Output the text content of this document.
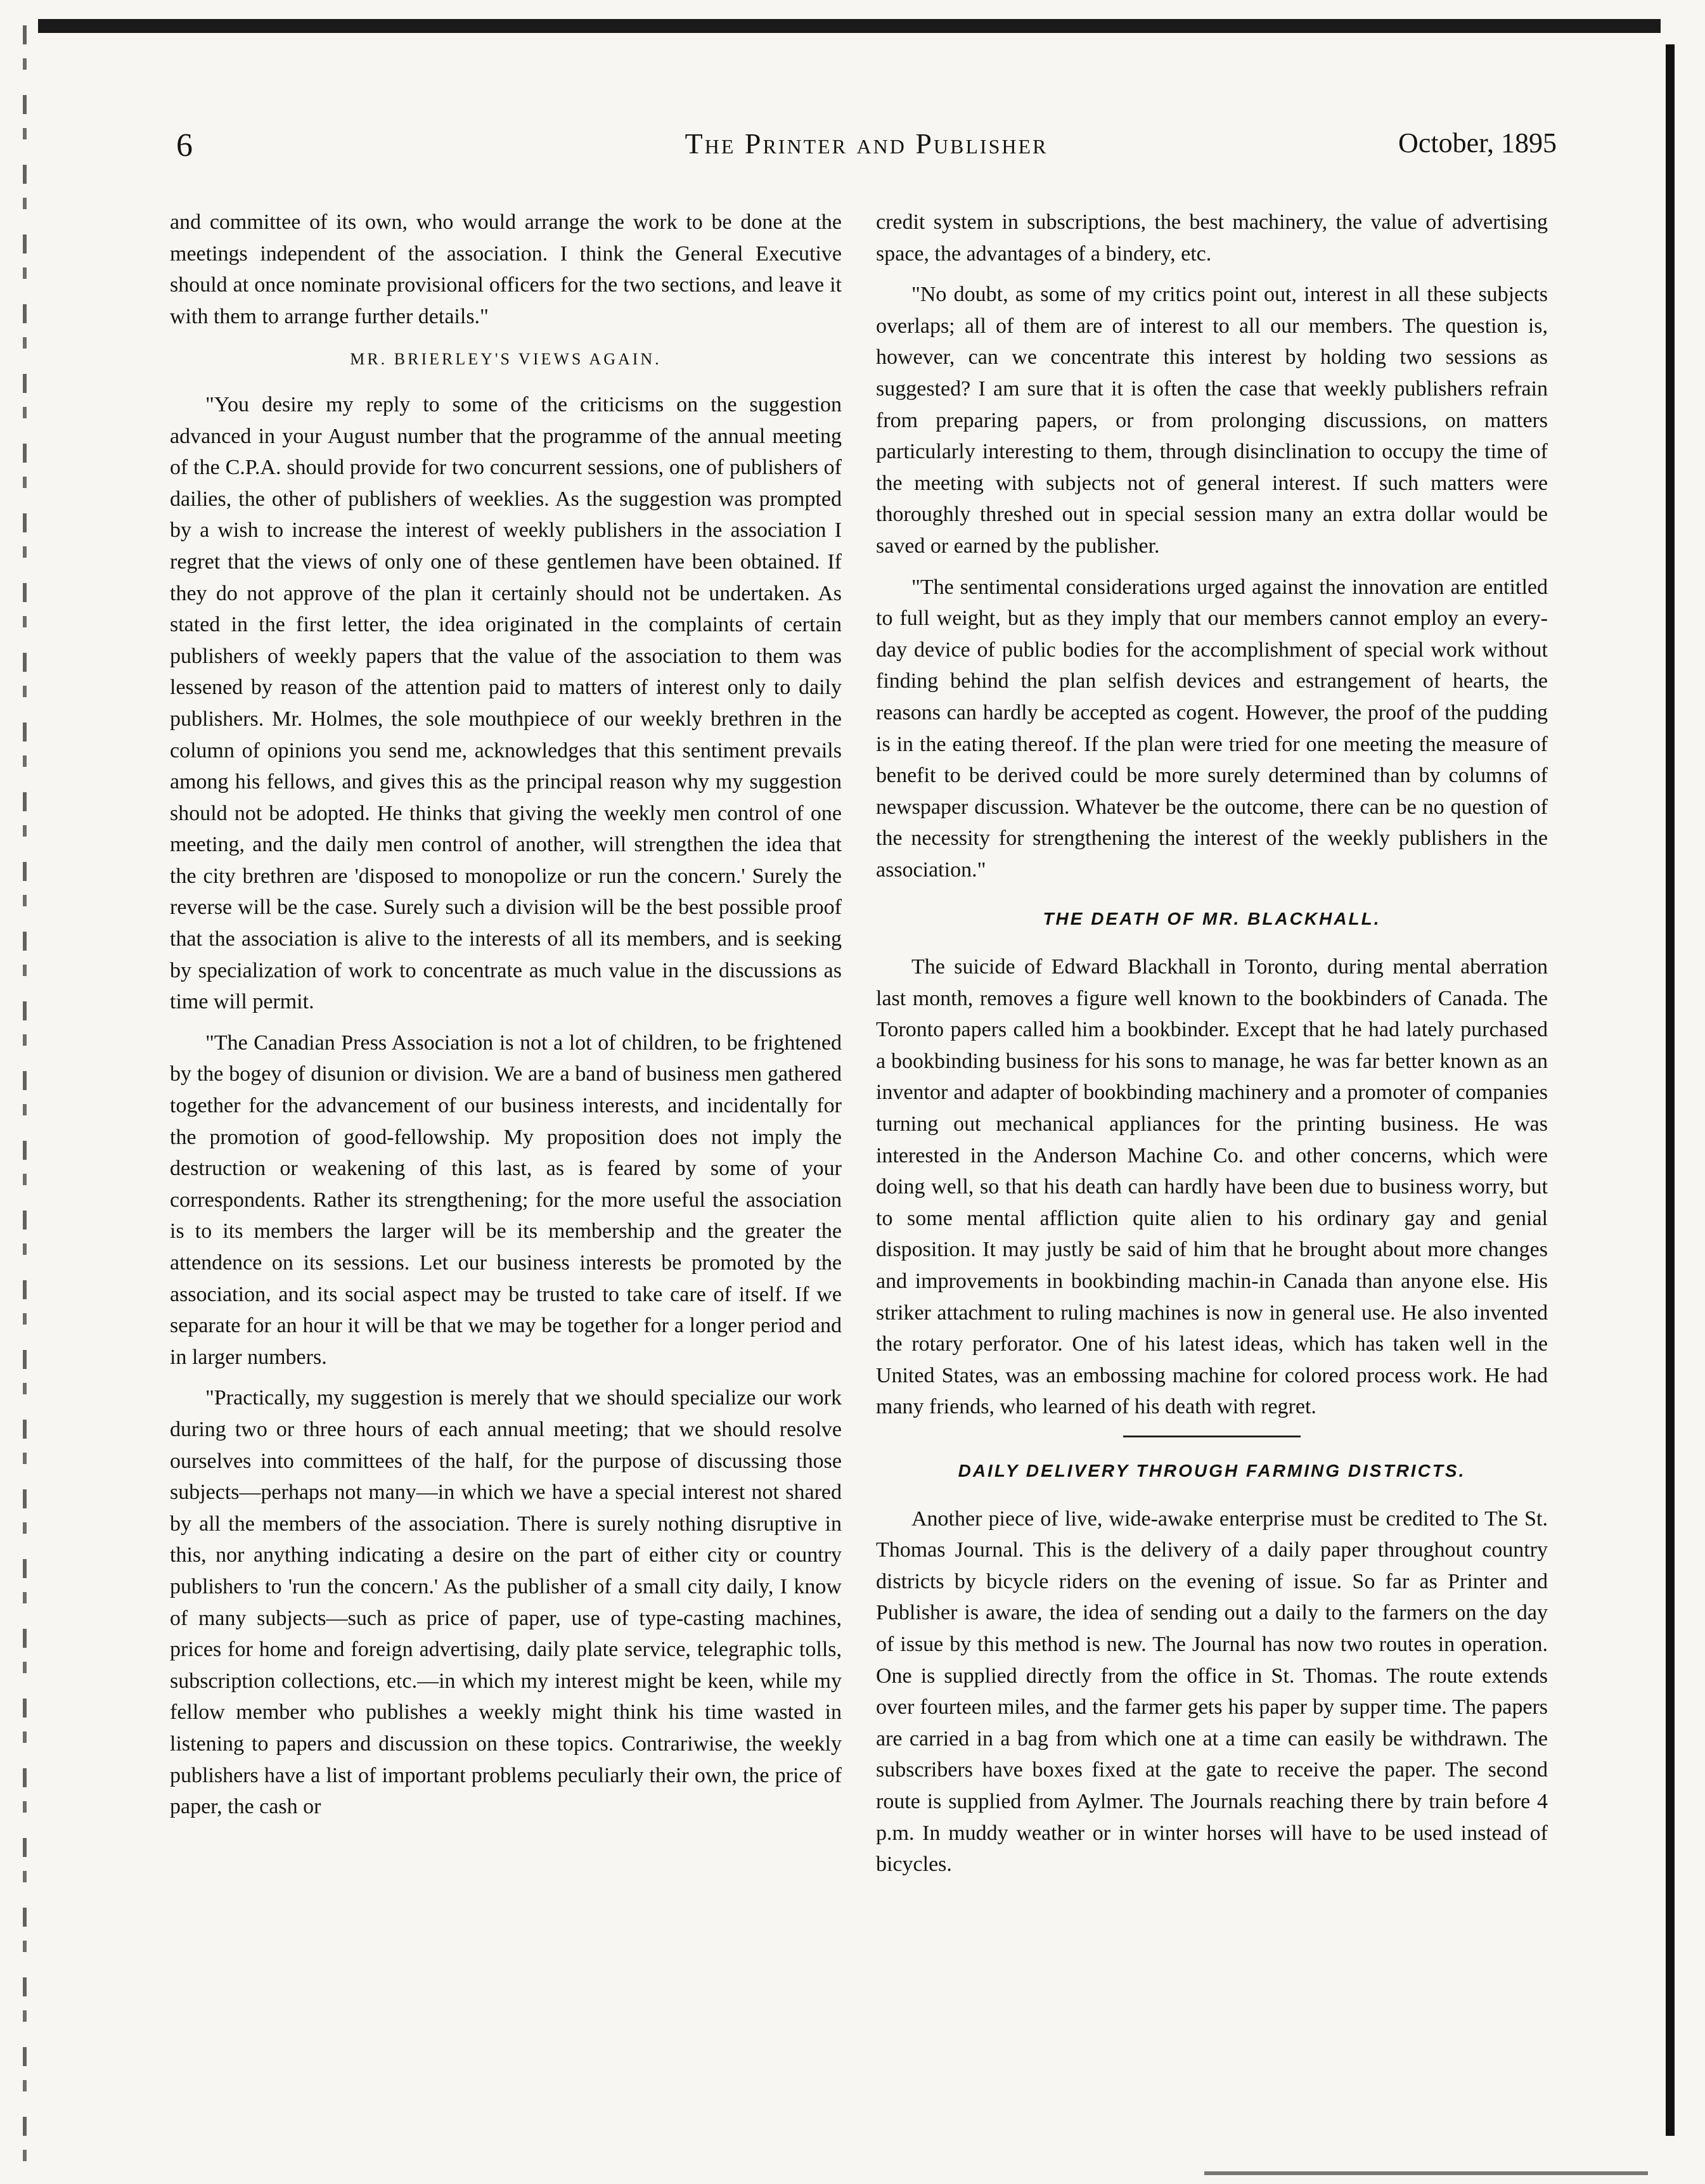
6	The Printer and Publisher	October, 1895

and committee of its own, who would arrange the work to be done at the meetings independent of the association. I think the General Executive should at once nominate provisional officers for the two sections, and leave it with them to arrange further details."

MR. BRIERLEY'S VIEWS AGAIN.

"You desire my reply to some of the criticisms on the suggestion advanced in your August number that the programme of the annual meeting of the C.P.A. should provide for two concurrent sessions, one of publishers of dailies, the other of publishers of weeklies. As the suggestion was prompted by a wish to increase the interest of weekly publishers in the association I regret that the views of only one of these gentlemen have been obtained. If they do not approve of the plan it certainly should not be undertaken. As stated in the first letter, the idea originated in the complaints of certain publishers of weekly papers that the value of the association to them was lessened by reason of the attention paid to matters of interest only to daily publishers. Mr. Holmes, the sole mouthpiece of our weekly brethren in the column of opinions you send me, acknowledges that this sentiment prevails among his fellows, and gives this as the principal reason why my suggestion should not be adopted. He thinks that giving the weekly men control of one meeting, and the daily men control of another, will strengthen the idea that the city brethren are 'disposed to monopolize or run the concern.' Surely the reverse will be the case. Surely such a division will be the best possible proof that the association is alive to the interests of all its members, and is seeking by specialization of work to concentrate as much value in the discussions as time will permit.

"The Canadian Press Association is not a lot of children, to be frightened by the bogey of disunion or division. We are a band of business men gathered together for the advancement of our business interests, and incidentally for the promotion of good-fellowship. My proposition does not imply the destruction or weakening of this last, as is feared by some of your correspondents. Rather its strengthening; for the more useful the association is to its members the larger will be its membership and the greater the attendence on its sessions. Let our business interests be promoted by the association, and its social aspect may be trusted to take care of itself. If we separate for an hour it will be that we may be together for a longer period and in larger numbers.

"Practically, my suggestion is merely that we should specialize our work during two or three hours of each annual meeting; that we should resolve ourselves into committees of the half, for the purpose of discussing those subjects—perhaps not many—in which we have a special interest not shared by all the members of the association. There is surely nothing disruptive in this, nor anything indicating a desire on the part of either city or country publishers to 'run the concern.' As the publisher of a small city daily, I know of many subjects—such as price of paper, use of type-casting machines, prices for home and foreign advertising, daily plate service, telegraphic tolls, subscription collections, etc.—in which my interest might be keen, while my fellow member who publishes a weekly might think his time wasted in listening to papers and discussion on these topics. Contrariwise, the weekly publishers have a list of important problems peculiarly their own, the price of paper, the cash or

credit system in subscriptions, the best machinery, the value of advertising space, the advantages of a bindery, etc.

"No doubt, as some of my critics point out, interest in all these subjects overlaps; all of them are of interest to all our members. The question is, however, can we concentrate this interest by holding two sessions as suggested? I am sure that it is often the case that weekly publishers refrain from preparing papers, or from prolonging discussions, on matters particularly interesting to them, through disinclination to occupy the time of the meeting with subjects not of general interest. If such matters were thoroughly threshed out in special session many an extra dollar would be saved or earned by the publisher.

"The sentimental considerations urged against the innovation are entitled to full weight, but as they imply that our members cannot employ an every-day device of public bodies for the accomplishment of special work without finding behind the plan selfish devices and estrangement of hearts, the reasons can hardly be accepted as cogent. However, the proof of the pudding is in the eating thereof. If the plan were tried for one meeting the measure of benefit to be derived could be more surely determined than by columns of newspaper discussion. Whatever be the outcome, there can be no question of the necessity for strengthening the interest of the weekly publishers in the association."

THE DEATH OF MR. BLACKHALL.

The suicide of Edward Blackhall in Toronto, during mental aberration last month, removes a figure well known to the bookbinders of Canada. The Toronto papers called him a bookbinder. Except that he had lately purchased a bookbinding business for his sons to manage, he was far better known as an inventor and adapter of bookbinding machinery and a promoter of companies turning out mechanical appliances for the printing business. He was interested in the Anderson Machine Co. and other concerns, which were doing well, so that his death can hardly have been due to business worry, but to some mental affliction quite alien to his ordinary gay and genial disposition. It may justly be said of him that he brought about more changes and improvements in bookbinding machin-in Canada than anyone else. His striker attachment to ruling machines is now in general use. He also invented the rotary perforator. One of his latest ideas, which has taken well in the United States, was an embossing machine for colored process work. He had many friends, who learned of his death with regret.

DAILY DELIVERY THROUGH FARMING DISTRICTS.

Another piece of live, wide-awake enterprise must be credited to The St. Thomas Journal. This is the delivery of a daily paper throughout country districts by bicycle riders on the evening of issue. So far as Printer and Publisher is aware, the idea of sending out a daily to the farmers on the day of issue by this method is new. The Journal has now two routes in operation. One is supplied directly from the office in St. Thomas. The route extends over fourteen miles, and the farmer gets his paper by supper time. The papers are carried in a bag from which one at a time can easily be withdrawn. The subscribers have boxes fixed at the gate to receive the paper. The second route is supplied from Aylmer. The Journals reaching there by train before 4 p.m. In muddy weather or in winter horses will have to be used instead of bicycles.
